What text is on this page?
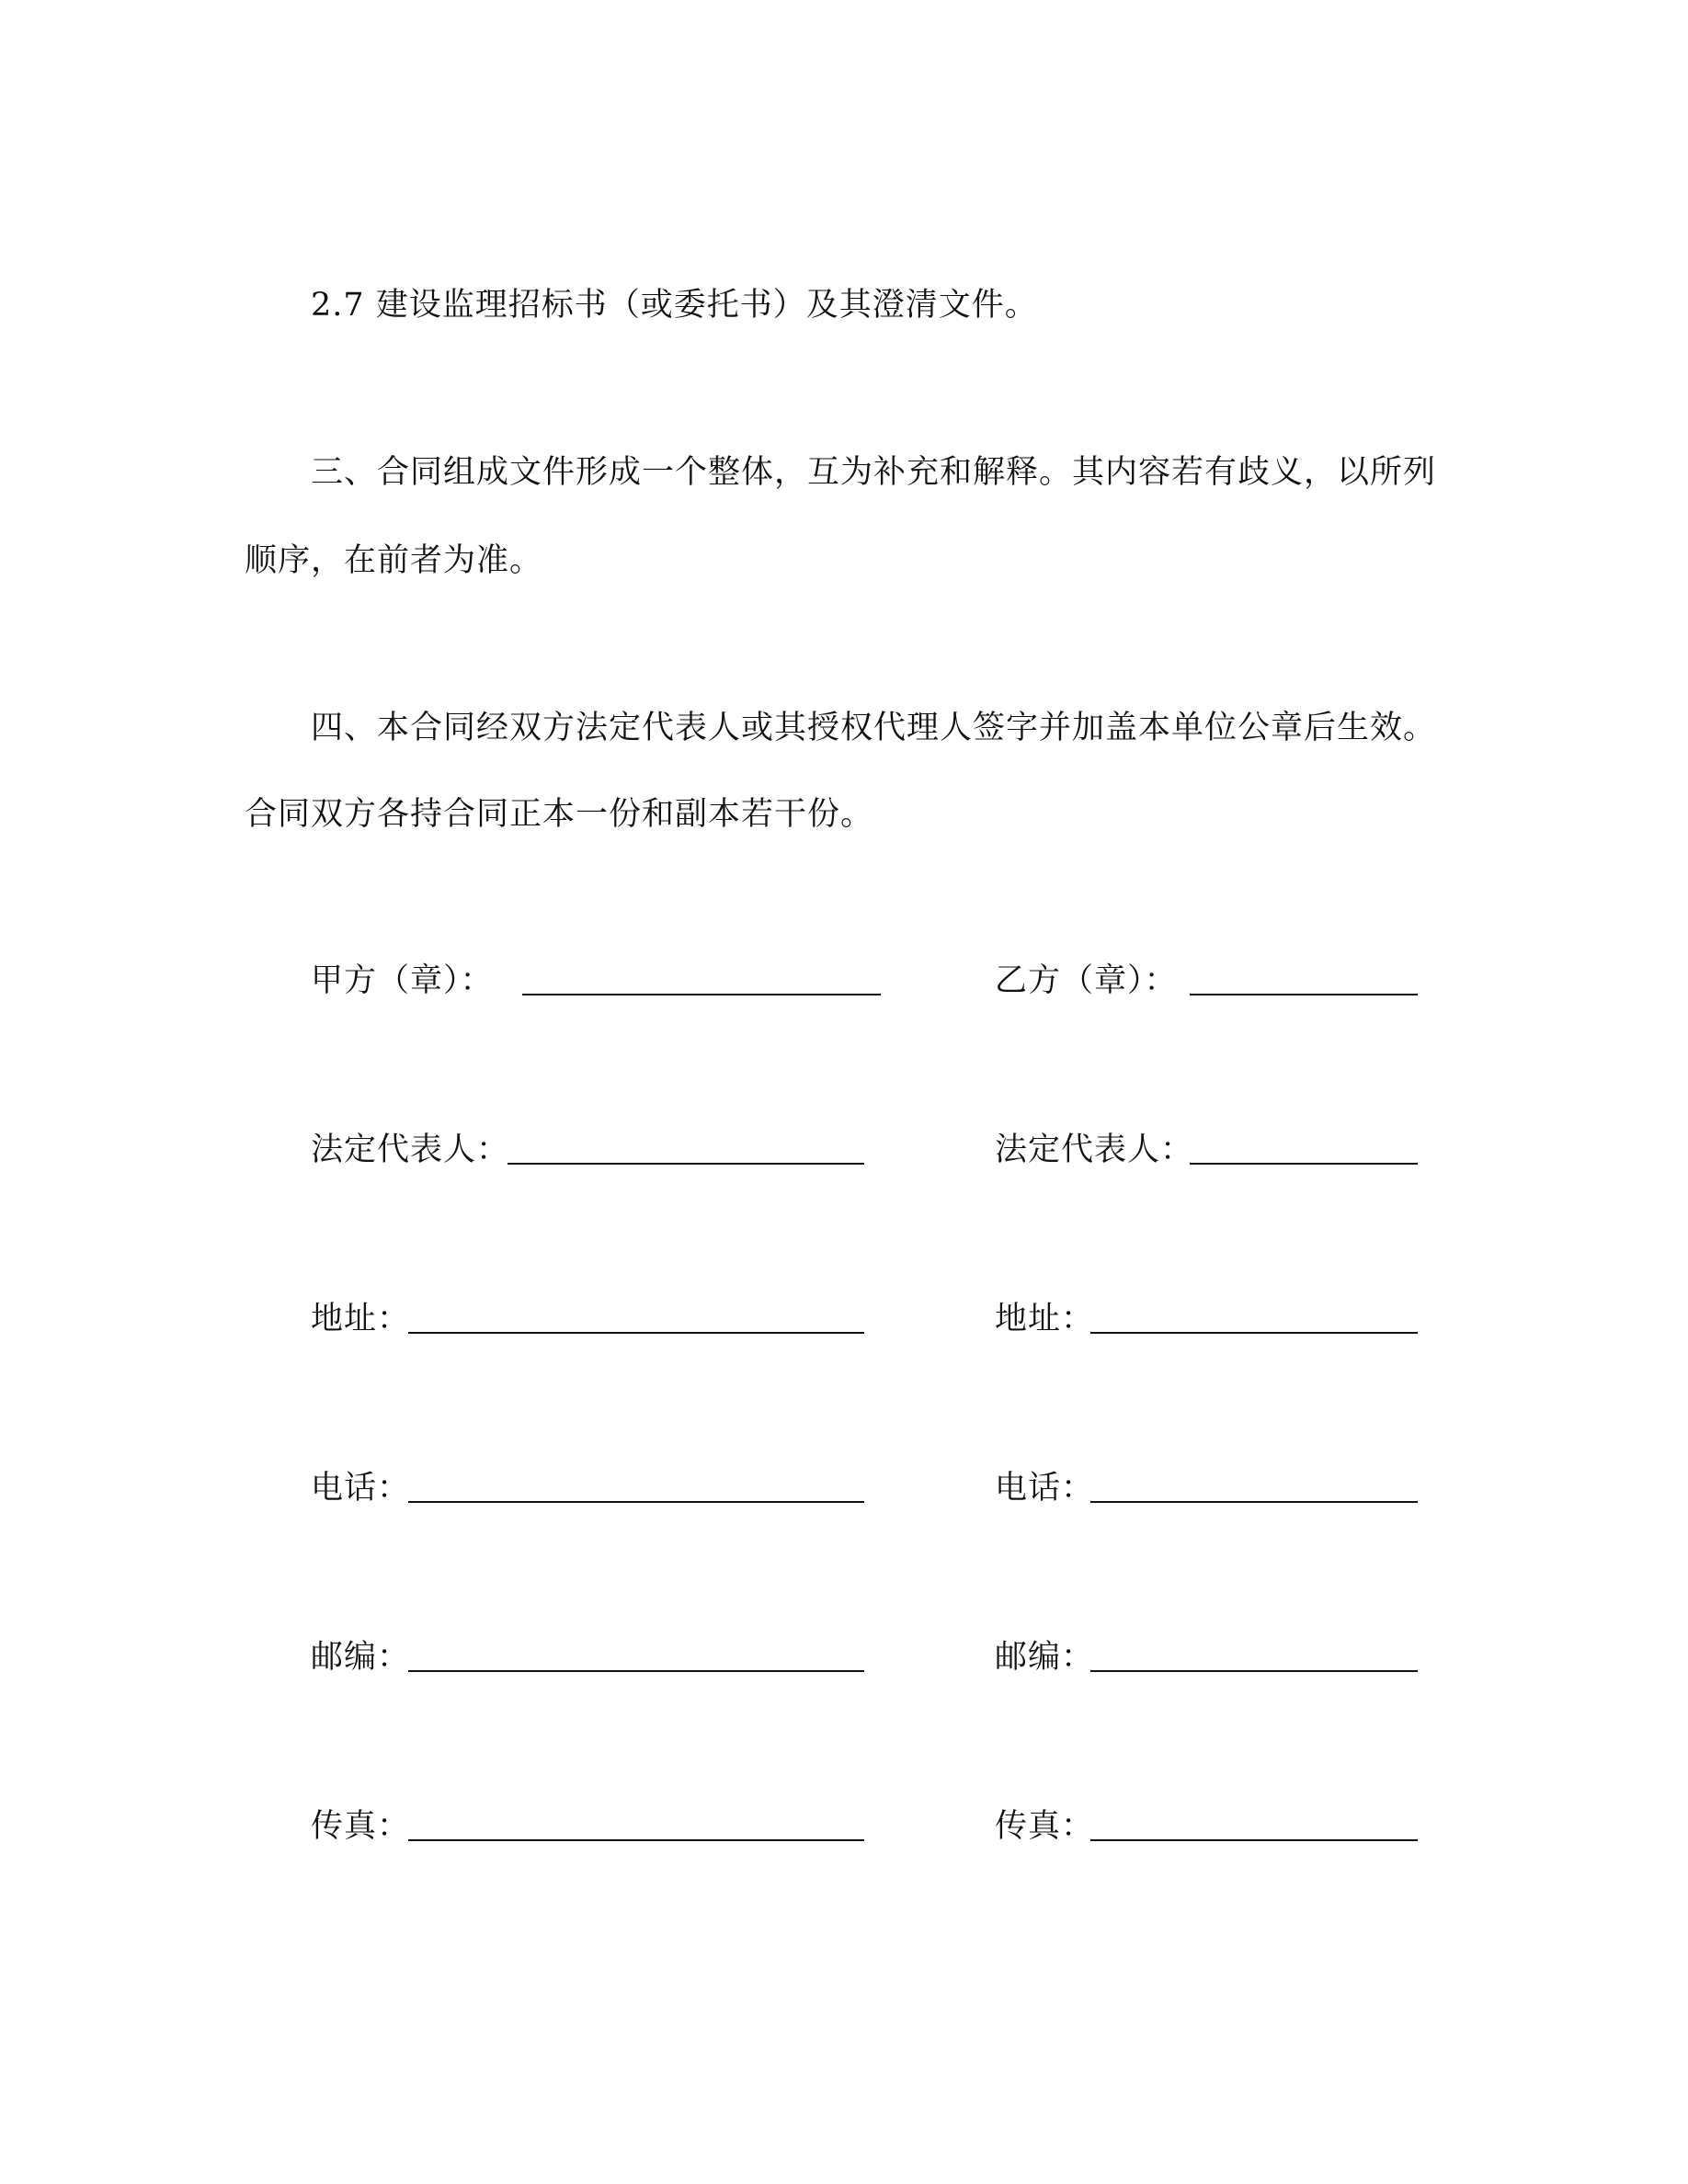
2.7 建设监理招标书（或委托书）及其澄清文件。
三、合同组成文件形成一个整体，互为补充和解释。其内容若有歧义，以所列
顺序，在前者为准。
四、本合同经双方法定代表人或其授权代理人签字并加盖本单位公章后生效。
合同双方各持合同正本一份和副本若干份。
甲方（章）：
法定代表人：
地址：
电话：
邮编：
传真：
乙方（章）：
法定代表人：
地址：
电话：
邮编：
传真：
